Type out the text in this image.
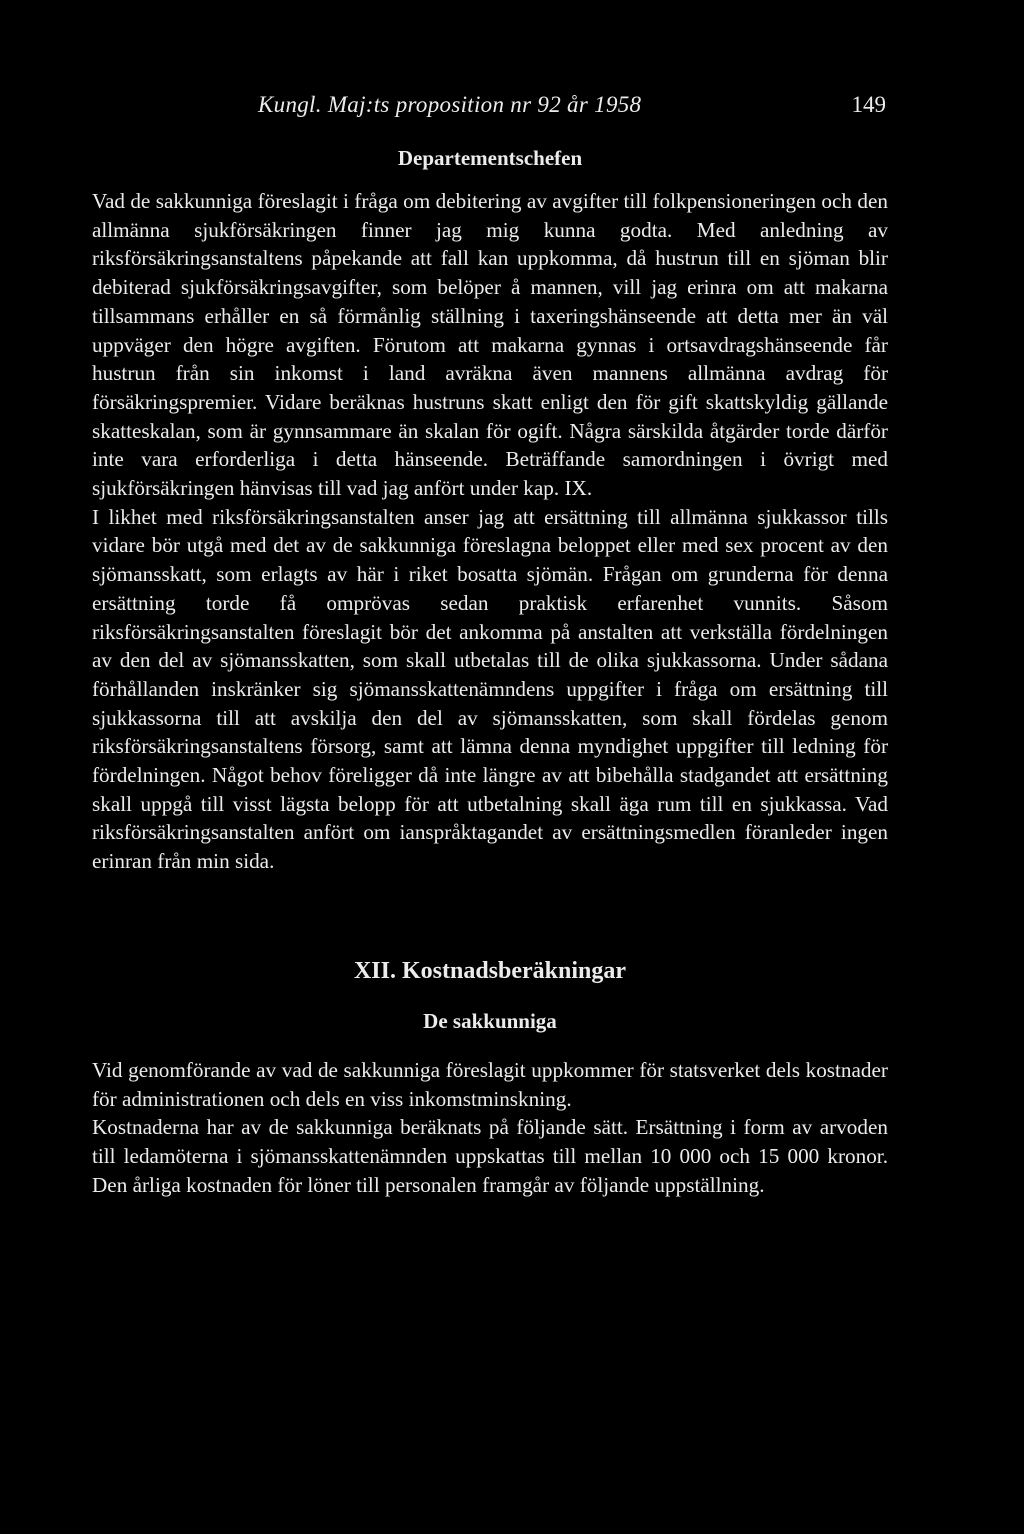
Kungl. Maj:ts proposition nr 92 år 1958	149
Departementschefen

Vad de sakkunniga föreslagit i fråga om debitering av avgifter till folkpensioneringen och den allmänna sjukförsäkringen finner jag mig kunna godta. Med anledning av riksförsäkringsanstaltens påpekande att fall kan uppkomma, då hustrun till en sjöman blir debiterad sjukförsäkringsavgifter, som belöper å mannen, vill jag erinra om att makarna tillsammans erhåller en så förmånlig ställning i taxeringshänseende att detta mer än väl uppväger den högre avgiften. Förutom att makarna gynnas i ortsavdragshänseende får hustrun från sin inkomst i land avräkna även mannens allmänna avdrag för försäkringspremier. Vidare beräknas hustruns skatt enligt den för gift skattskyldig gällande skatteskalan, som är gynnsammare än skalan för ogift. Några särskilda åtgärder torde därför inte vara erforderliga i detta hänseende. Beträffande samordningen i övrigt med sjukförsäkringen hänvisas till vad jag anfört under kap. IX.

I likhet med riksförsäkringsanstalten anser jag att ersättning till allmänna sjukkassor tills vidare bör utgå med det av de sakkunniga föreslagna beloppet eller med sex procent av den sjömansskatt, som erlagts av här i riket bosatta sjömän. Frågan om grunderna för denna ersättning torde få omprövas sedan praktisk erfarenhet vunnits. Såsom riksförsäkringsanstalten föreslagit bör det ankomma på anstalten att verkställa fördelningen av den del av sjömansskatten, som skall utbetalas till de olika sjukkassorna. Under sådana förhållanden inskränker sig sjömansskattenämndens uppgifter i fråga om ersättning till sjukkassorna till att avskilja den del av sjömansskatten, som skall fördelas genom riksförsäkringsanstaltens försorg, samt att lämna denna myndighet uppgifter till ledning för fördelningen. Något behov föreligger då inte längre av att bibehålla stadgandet att ersättning skall uppgå till visst lägsta belopp för att utbetalning skall äga rum till en sjukkassa. Vad riksförsäkringsanstalten anfört om ianspråktagandet av ersättningsmedlen föranleder ingen erinran från min sida.

XII. Kostnadsberäkningar
De sakkunniga

Vid genomförande av vad de sakkunniga föreslagit uppkommer för statsverket dels kostnader för administrationen och dels en viss inkomstminskning.

Kostnaderna har av de sakkunniga beräknats på följande sätt. Ersättning i form av arvoden till ledamöterna i sjömansskattenämnden uppskattas till mellan 10 000 och 15 000 kronor. Den årliga kostnaden för löner till personalen framgår av följande uppställning.
